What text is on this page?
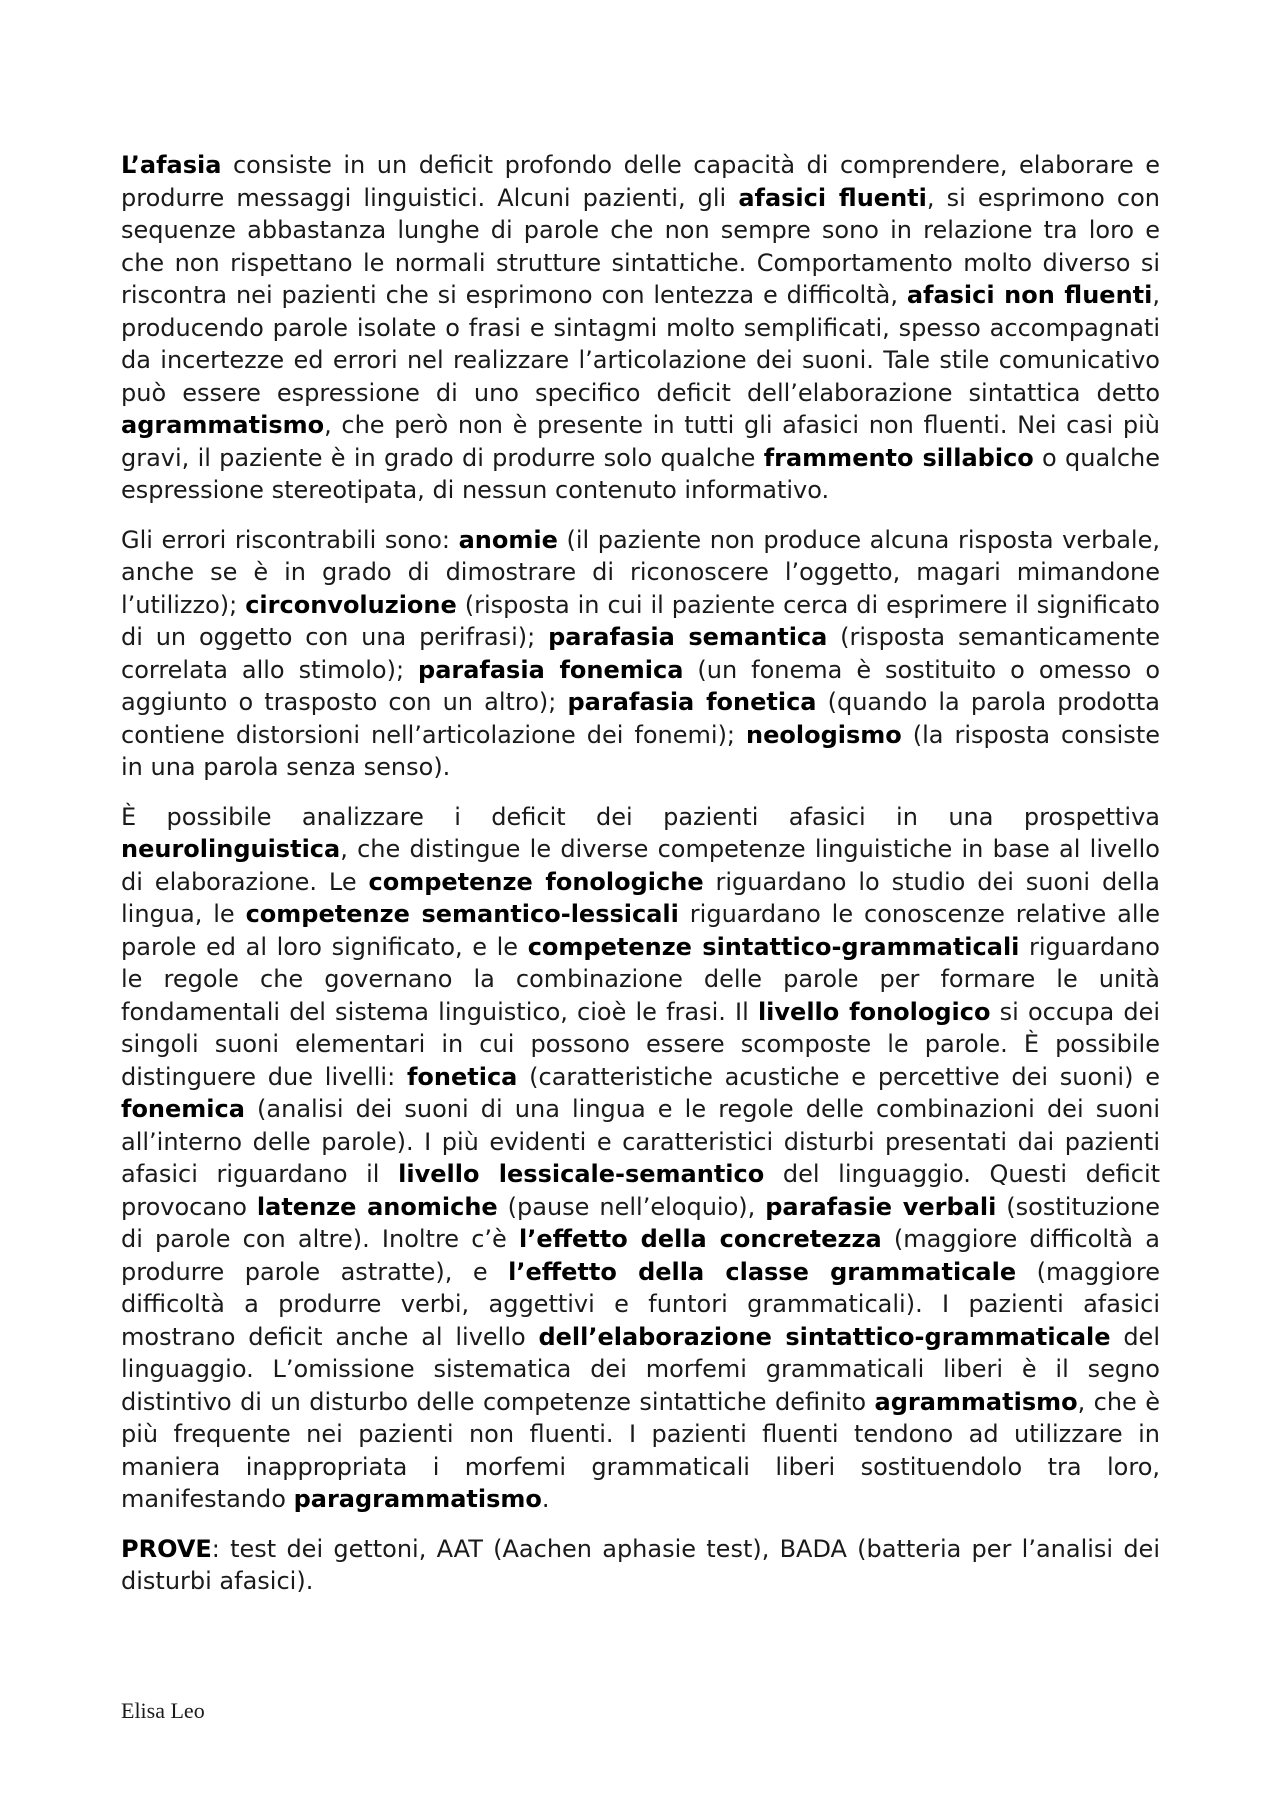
L’afasia consiste in un deficit profondo delle capacità di comprendere, elaborare e produrre messaggi linguistici. Alcuni pazienti, gli afasici fluenti, si esprimono con sequenze abbastanza lunghe di parole che non sempre sono in relazione tra loro e che non rispettano le normali strutture sintattiche. Comportamento molto diverso si riscontra nei pazienti che si esprimono con lentezza e difficoltà, afasici non fluenti, producendo parole isolate o frasi e sintagmi molto semplificati, spesso accompagnati da incertezze ed errori nel realizzare l’articolazione dei suoni. Tale stile comunicativo può essere espressione di uno specifico deficit dell’elaborazione sintattica detto agrammatismo, che però non è presente in tutti gli afasici non fluenti. Nei casi più gravi, il paziente è in grado di produrre solo qualche frammento sillabico o qualche espressione stereotipata, di nessun contenuto informativo.

Gli errori riscontrabili sono: anomie (il paziente non produce alcuna risposta verbale, anche se è in grado di dimostrare di riconoscere l’oggetto, magari mimandone l’utilizzo); circonvoluzione (risposta in cui il paziente cerca di esprimere il significato di un oggetto con una perifrasi); parafasia semantica (risposta semanticamente correlata allo stimolo); parafasia fonemica (un fonema è sostituito o omesso o aggiunto o trasposto con un altro); parafasia fonetica (quando la parola prodotta contiene distorsioni nell’articolazione dei fonemi); neologismo (la risposta consiste in una parola senza senso).

È possibile analizzare i deficit dei pazienti afasici in una prospettiva neurolinguistica, che distingue le diverse competenze linguistiche in base al livello di elaborazione. Le competenze fonologiche riguardano lo studio dei suoni della lingua, le competenze semantico-lessicali riguardano le conoscenze relative alle parole ed al loro significato, e le competenze sintattico-grammaticali riguardano le regole che governano la combinazione delle parole per formare le unità fondamentali del sistema linguistico, cioè le frasi. Il livello fonologico si occupa dei singoli suoni elementari in cui possono essere scomposte le parole. È possibile distinguere due livelli: fonetica (caratteristiche acustiche e percettive dei suoni) e fonemica (analisi dei suoni di una lingua e le regole delle combinazioni dei suoni all’interno delle parole). I più evidenti e caratteristici disturbi presentati dai pazienti afasici riguardano il livello lessicale-semantico del linguaggio. Questi deficit provocano latenze anomiche (pause nell’eloquio), parafasie verbali (sostituzione di parole con altre). Inoltre c’è l’effetto della concretezza (maggiore difficoltà a produrre parole astratte), e l’effetto della classe grammaticale (maggiore difficoltà a produrre verbi, aggettivi e funtori grammaticali). I pazienti afasici mostrano deficit anche al livello dell’elaborazione sintattico-grammaticale del linguaggio. L’omissione sistematica dei morfemi grammaticali liberi è il segno distintivo di un disturbo delle competenze sintattiche definito agrammatismo, che è più frequente nei pazienti non fluenti. I pazienti fluenti tendono ad utilizzare in maniera inappropriata i morfemi grammaticali liberi sostituendolo tra loro, manifestando paragrammatismo.

PROVE: test dei gettoni, AAT (Aachen aphasie test), BADA (batteria per l’analisi dei disturbi afasici).

Elisa Leo
